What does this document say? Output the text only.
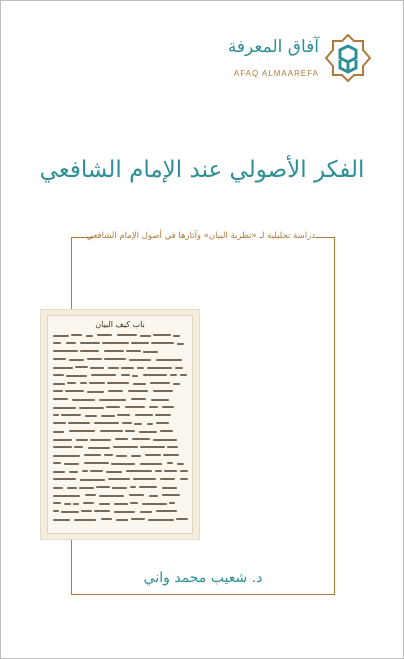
آفاق المعرفة
AFAQ ALMAAREFA
الفكر الأصولي عند الإمام الشافعي
دراسة تحليلية لـ «نظرية البيان» وآثارها في أصول الإمام الشافعي
باب كيف البيان
د. شعيب محمد واني
